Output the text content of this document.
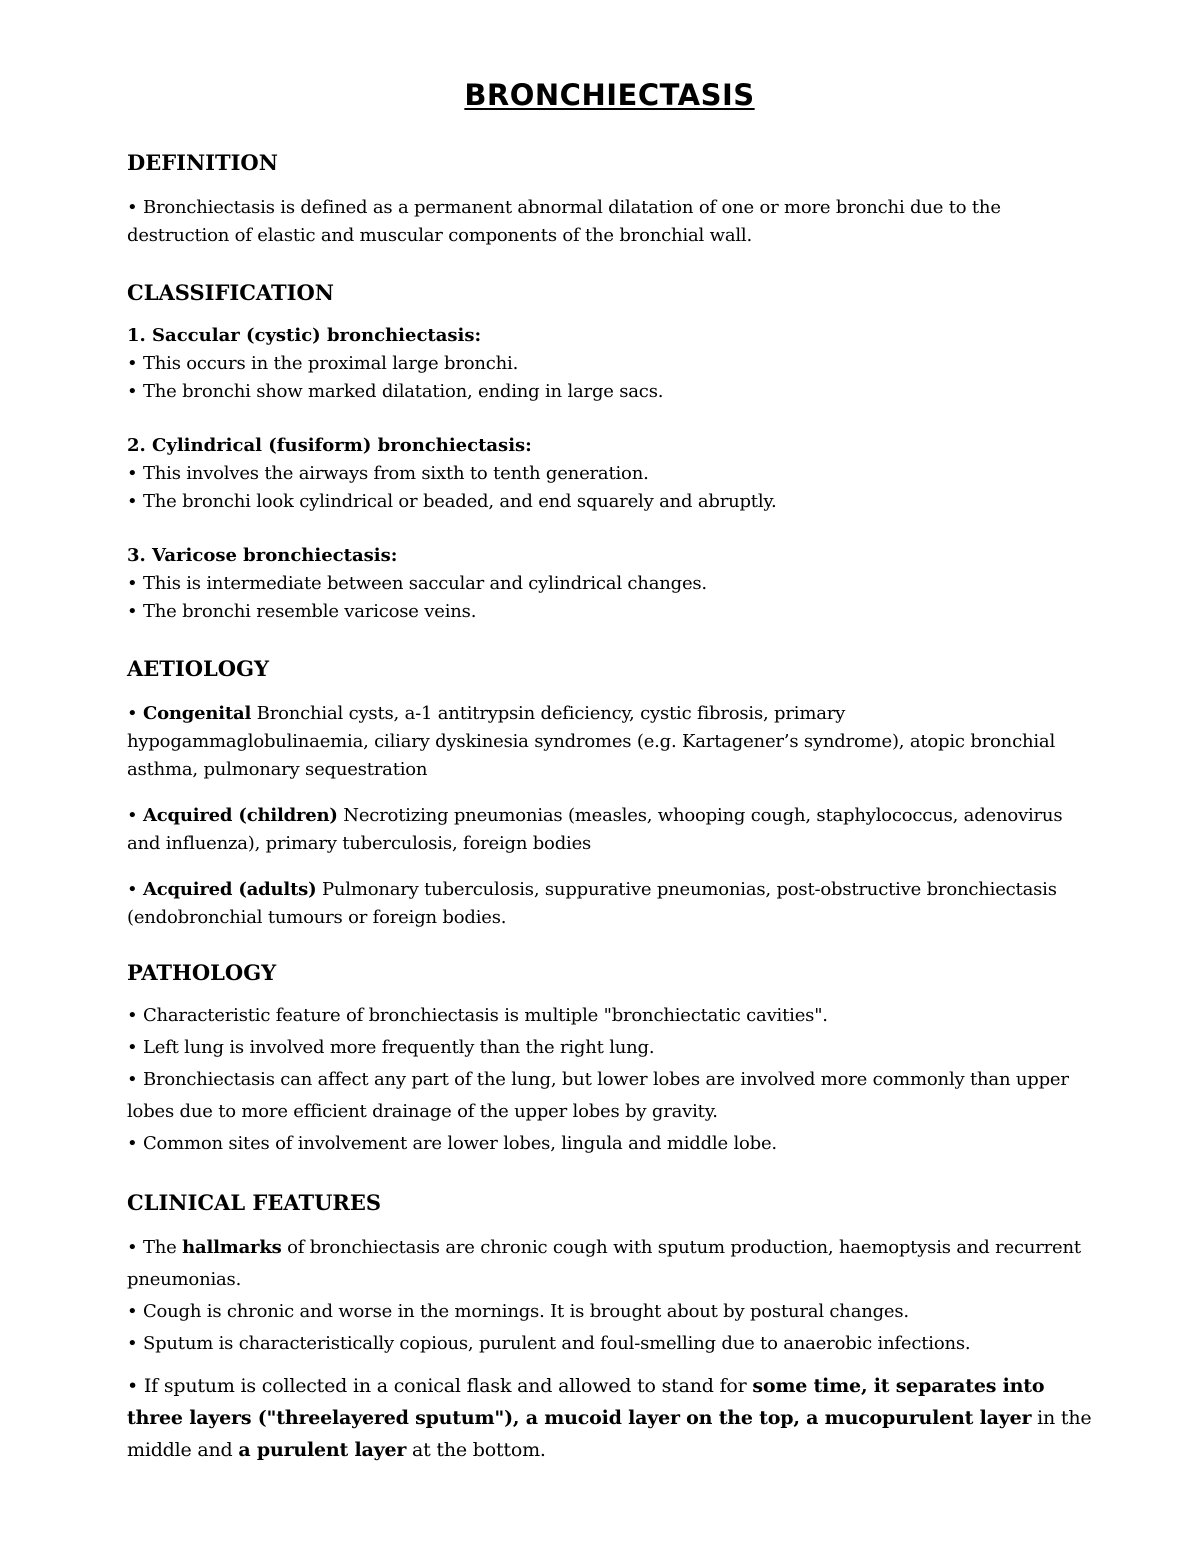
BRONCHIECTASIS
DEFINITION
• Bronchiectasis is defined as a permanent abnormal dilatation of one or more bronchi due to the destruction of elastic and muscular components of the bronchial wall.
CLASSIFICATION
1. Saccular (cystic) bronchiectasis:
• This occurs in the proximal large bronchi.
• The bronchi show marked dilatation, ending in large sacs.
2. Cylindrical (fusiform) bronchiectasis:
• This involves the airways from sixth to tenth generation.
• The bronchi look cylindrical or beaded, and end squarely and abruptly.
3. Varicose bronchiectasis:
• This is intermediate between saccular and cylindrical changes.
• The bronchi resemble varicose veins.
AETIOLOGY
• Congenital Bronchial cysts, a-1 antitrypsin deficiency, cystic fibrosis, primary hypogammaglobulinaemia, ciliary dyskinesia syndromes (e.g. Kartagener’s syndrome), atopic bronchial asthma, pulmonary sequestration
• Acquired (children) Necrotizing pneumonias (measles, whooping cough, staphylococcus, adenovirus and influenza), primary tuberculosis, foreign bodies
• Acquired (adults) Pulmonary tuberculosis, suppurative pneumonias, post-obstructive bronchiectasis (endobronchial tumours or foreign bodies.
PATHOLOGY
• Characteristic feature of bronchiectasis is multiple "bronchiectatic cavities".
• Left lung is involved more frequently than the right lung.
• Bronchiectasis can affect any part of the lung, but lower lobes are involved more commonly than upper lobes due to more efficient drainage of the upper lobes by gravity.
• Common sites of involvement are lower lobes, lingula and middle lobe.
CLINICAL FEATURES
• The hallmarks of bronchiectasis are chronic cough with sputum production, haemoptysis and recurrent pneumonias.
• Cough is chronic and worse in the mornings. It is brought about by postural changes.
• Sputum is characteristically copious, purulent and foul-smelling due to anaerobic infections.
• If sputum is collected in a conical flask and allowed to stand for some time, it separates into three layers ("threelayered sputum"), a mucoid layer on the top, a mucopurulent layer in the middle and a purulent layer at the bottom.
